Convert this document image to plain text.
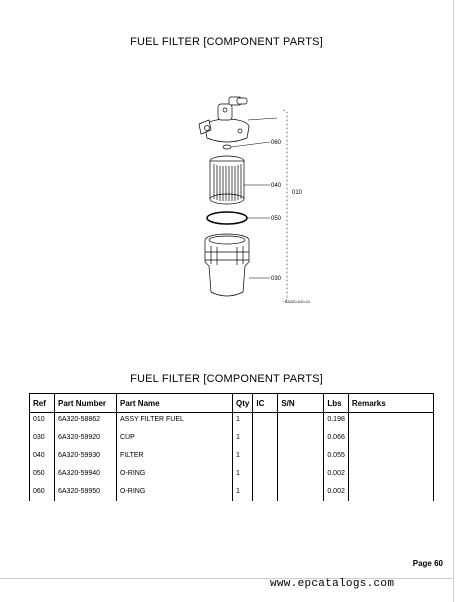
FUEL FILTER [COMPONENT PARTS]
060
040
010
050
030
6A320-010-11
FUEL FILTER [COMPONENT PARTS]
Ref	Part Number	Part Name	Qty	IC	S/N	Lbs	Remarks
010	6A320-58862	ASSY FILTER FUEL	1			0.198	
030	6A320-59920	CUP	1			0.066	
040	6A320-59930	FILTER	1			0.055	
050	6A320-59940	O-RING	1			0.002	
060	6A320-59950	O-RING	1			0.002	
Page 60
www.epcatalogs.com
